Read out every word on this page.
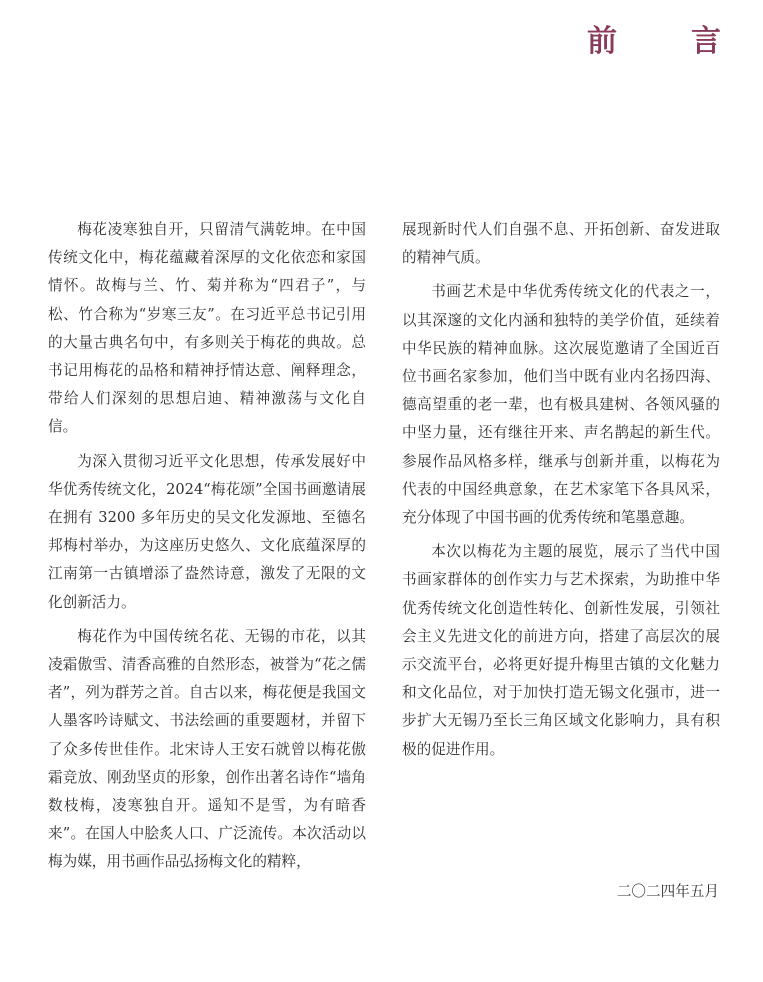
前　言

梅花凌寒独自开，只留清气满乾坤。在中国传统文化中，梅花蕴藏着深厚的文化依恋和家国情怀。故梅与兰、竹、菊并称为“四君子”，与松、竹合称为“岁寒三友”。在习近平总书记引用的大量古典名句中，有多则关于梅花的典故。总书记用梅花的品格和精神抒情达意、阐释理念，带给人们深刻的思想启迪、精神激荡与文化自信。

为深入贯彻习近平文化思想，传承发展好中华优秀传统文化，2024“梅花颂”全国书画邀请展在拥有 3200 多年历史的吴文化发源地、至德名邦梅村举办，为这座历史悠久、文化底蕴深厚的江南第一古镇增添了盎然诗意，激发了无限的文化创新活力。

梅花作为中国传统名花、无锡的市花，以其凌霜傲雪、清香高雅的自然形态，被誉为“花之儒者”，列为群芳之首。自古以来，梅花便是我国文人墨客吟诗赋文、书法绘画的重要题材，并留下了众多传世佳作。北宋诗人王安石就曾以梅花傲霜竞放、刚劲坚贞的形象，创作出著名诗作“墙角数枝梅，凌寒独自开。遥知不是雪，为有暗香来”。在国人中脍炙人口、广泛流传。本次活动以梅为媒，用书画作品弘扬梅文化的精粹，

展现新时代人们自强不息、开拓创新、奋发进取的精神气质。

书画艺术是中华优秀传统文化的代表之一，以其深邃的文化内涵和独特的美学价值，延续着中华民族的精神血脉。这次展览邀请了全国近百位书画名家参加，他们当中既有业内名扬四海、德高望重的老一辈，也有极具建树、各领风骚的中坚力量，还有继往开来、声名鹊起的新生代。参展作品风格多样，继承与创新并重，以梅花为代表的中国经典意象，在艺术家笔下各具风采，充分体现了中国书画的优秀传统和笔墨意趣。

本次以梅花为主题的展览，展示了当代中国书画家群体的创作实力与艺术探索，为助推中华优秀传统文化创造性转化、创新性发展，引领社会主义先进文化的前进方向，搭建了高层次的展示交流平台，必将更好提升梅里古镇的文化魅力和文化品位，对于加快打造无锡文化强市，进一步扩大无锡乃至长三角区域文化影响力，具有积极的促进作用。

二〇二四年五月
